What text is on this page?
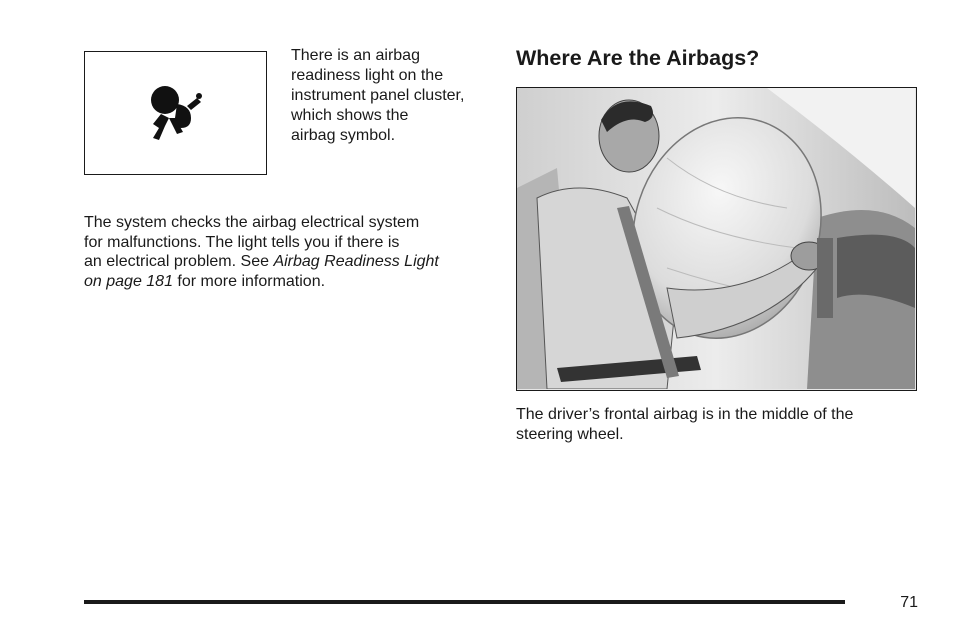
There is an airbag
readiness light on the
instrument panel cluster,
which shows the
airbag symbol.
The system checks the airbag electrical system
for malfunctions. The light tells you if there is
an electrical problem. See Airbag Readiness Light
on page 181 for more information.
Where Are the Airbags?
The driver’s frontal airbag is in the middle of the
steering wheel.
71
